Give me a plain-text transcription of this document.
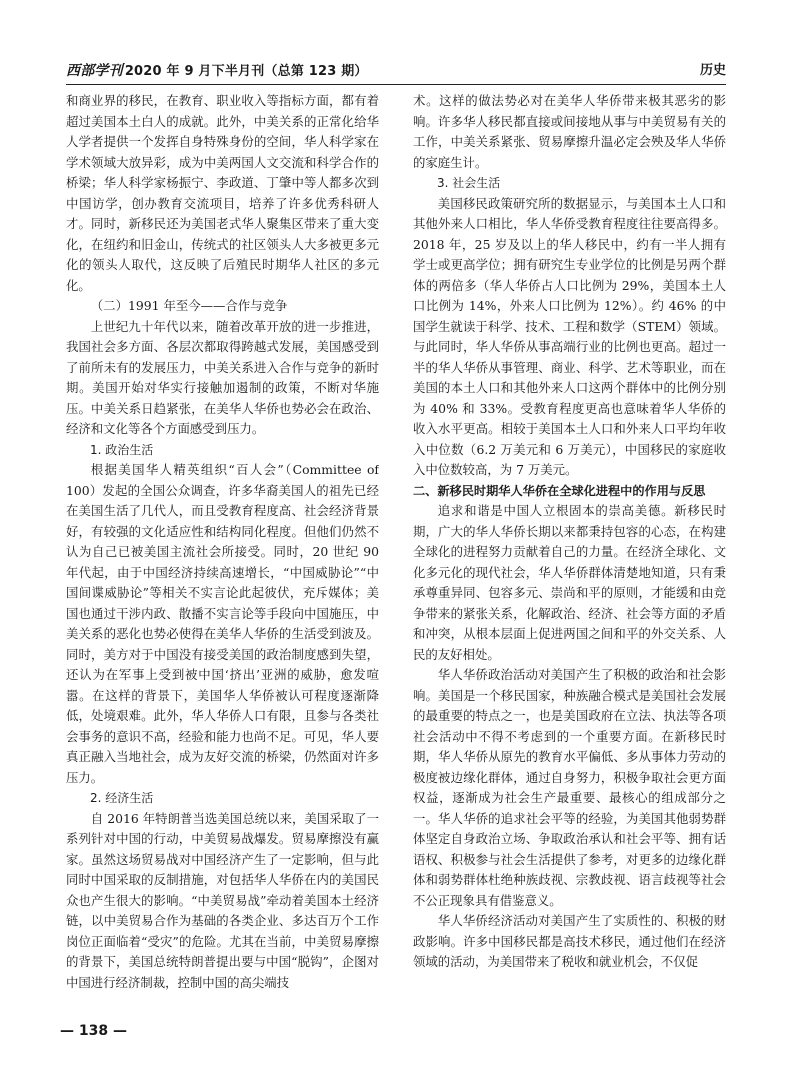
西部学刊 2020 年 9 月下半月刊（总第 123 期）	历史

和商业界的移民，在教育、职业收入等指标方面，都有着超过美国本土白人的成就。此外，中美关系的正常化给华人学者提供一个发挥自身特殊身份的空间，华人科学家在学术领域大放异彩，成为中美两国人文交流和科学合作的桥梁；华人科学家杨振宁、李政道、丁肇中等人都多次到中国访学，创办教育交流项目，培养了许多优秀科研人才。同时，新移民还为美国老式华人聚集区带来了重大变化，在纽约和旧金山，传统式的社区领头人大多被更多元化的领头人取代，这反映了后殖民时期华人社区的多元化。

（二）1991 年至今——合作与竞争

上世纪九十年代以来，随着改革开放的进一步推进，我国社会多方面、各层次都取得跨越式发展，美国感受到了前所未有的发展压力，中美关系进入合作与竞争的新时期。美国开始对华实行接触加遏制的政策，不断对华施压。中美关系日趋紧张，在美华人华侨也势必会在政治、经济和文化等各个方面感受到压力。

1. 政治生活

根据美国华人精英组织“百人会”（Committee of 100）发起的全国公众调查，许多华裔美国人的祖先已经在美国生活了几代人，而且受教育程度高、社会经济背景好，有较强的文化适应性和结构同化程度。但他们仍然不认为自己已被美国主流社会所接受。同时，20 世纪 90 年代起，由于中国经济持续高速增长，“中国威胁论”“中国间谍威胁论”等相关不实言论此起彼伏，充斥媒体；美国也通过干涉内政、散播不实言论等手段向中国施压，中美关系的恶化也势必使得在美华人华侨的生活受到波及。同时，美方对于中国没有接受美国的政治制度感到失望，还认为在军事上受到被中国‘挤出’亚洲的威胁，愈发喧嚣。在这样的背景下，美国华人华侨被认可程度逐渐降低，处境艰难。此外，华人华侨人口有限，且参与各类社会事务的意识不高，经验和能力也尚不足。可见，华人要真正融入当地社会，成为友好交流的桥梁，仍然面对许多压力。

2. 经济生活

自 2016 年特朗普当选美国总统以来，美国采取了一系列针对中国的行动，中美贸易战爆发。贸易摩擦没有赢家。虽然这场贸易战对中国经济产生了一定影响，但与此同时中国采取的反制措施，对包括华人华侨在内的美国民众也产生很大的影响。“中美贸易战”牵动着美国本土经济链，以中美贸易合作为基础的各类企业、多达百万个工作岗位正面临着“受灾”的危险。尤其在当前，中美贸易摩擦的背景下，美国总统特朗普提出要与中国“脱钩”，企图对中国进行经济制裁，控制中国的高尖端技

术。这样的做法势必对在美华人华侨带来极其恶劣的影响。许多华人移民都直接或间接地从事与中美贸易有关的工作，中美关系紧张、贸易摩擦升温必定会殃及华人华侨的家庭生计。

3. 社会生活

美国移民政策研究所的数据显示，与美国本土人口和其他外来人口相比，华人华侨受教育程度往往要高得多。2018 年，25 岁及以上的华人移民中，约有一半人拥有学士或更高学位；拥有研究生专业学位的比例是另两个群体的两倍多（华人华侨占人口比例为 29%，美国本土人口比例为 14%，外来人口比例为 12%）。约 46% 的中国学生就读于科学、技术、工程和数学（STEM）领域。与此同时，华人华侨从事高端行业的比例也更高。超过一半的华人华侨从事管理、商业、科学、艺术等职业，而在美国的本土人口和其他外来人口这两个群体中的比例分别为 40% 和 33%。受教育程度更高也意味着华人华侨的收入水平更高。相较于美国本土人口和外来人口平均年收入中位数（6.2 万美元和 6 万美元），中国移民的家庭收入中位数较高，为 7 万美元。

二、新移民时期华人华侨在全球化进程中的作用与反思

追求和谐是中国人立根固本的崇高美德。新移民时期，广大的华人华侨长期以来都秉持包容的心态，在构建全球化的进程努力贡献着自己的力量。在经济全球化、文化多元化的现代社会，华人华侨群体清楚地知道，只有秉承尊重异同、包容多元、崇尚和平的原则，才能缓和由竞争带来的紧张关系，化解政治、经济、社会等方面的矛盾和冲突，从根本层面上促进两国之间和平的外交关系、人民的友好相处。

华人华侨政治活动对美国产生了积极的政治和社会影响。美国是一个移民国家，种族融合模式是美国社会发展的最重要的特点之一，也是美国政府在立法、执法等各项社会活动中不得不考虑到的一个重要方面。在新移民时期，华人华侨从原先的教育水平偏低、多从事体力劳动的极度被边缘化群体，通过自身努力，积极争取社会更方面权益，逐渐成为社会生产最重要、最核心的组成部分之一。华人华侨的追求社会平等的经验，为美国其他弱势群体坚定自身政治立场、争取政治承认和社会平等、拥有话语权、积极参与社会生活提供了参考，对更多的边缘化群体和弱势群体杜绝种族歧视、宗教歧视、语言歧视等社会不公正现象具有借鉴意义。

华人华侨经济活动对美国产生了实质性的、积极的财政影响。许多中国移民都是高技术移民，通过他们在经济领域的活动，为美国带来了税收和就业机会，不仅促

— 138 —
